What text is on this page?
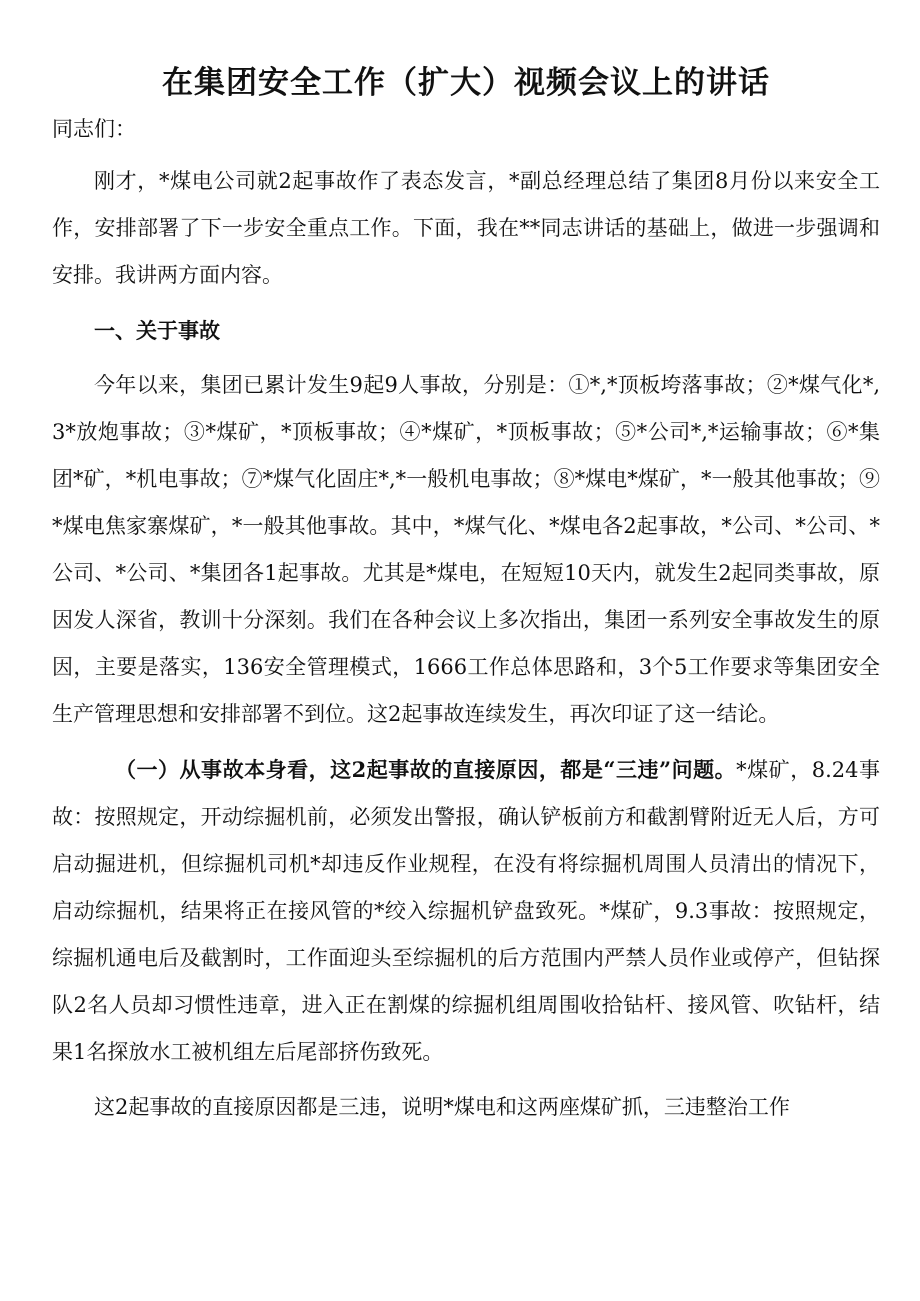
在集团安全工作（扩大）视频会议上的讲话
同志们：

刚才，*煤电公司就2起事故作了表态发言，*副总经理总结了集团8月份以来安全工作，安排部署了下一步安全重点工作。下面，我在**同志讲话的基础上，做进一步强调和安排。我讲两方面内容。

一、关于事故

今年以来，集团已累计发生9起9人事故，分别是：①*,*顶板垮落事故；②*煤气化*,3*放炮事故；③*煤矿，*顶板事故；④*煤矿，*顶板事故；⑤*公司*,*运输事故；⑥*集团*矿，*机电事故；⑦*煤气化固庄*,*一般机电事故；⑧*煤电*煤矿，*一般其他事故；⑨*煤电焦家寨煤矿，*一般其他事故。其中，*煤气化、*煤电各2起事故，*公司、*公司、*公司、*公司、*集团各1起事故。尤其是*煤电，在短短10天内，就发生2起同类事故，原因发人深省，教训十分深刻。我们在各种会议上多次指出，集团一系列安全事故发生的原因，主要是落实，136安全管理模式，1666工作总体思路和，3个5工作要求等集团安全生产管理思想和安排部署不到位。这2起事故连续发生，再次印证了这一结论。

（一）从事故本身看，这2起事故的直接原因，都是“三违”问题。*煤矿，8.24事故：按照规定，开动综掘机前，必须发出警报，确认铲板前方和截割臂附近无人后，方可启动掘进机，但综掘机司机*却违反作业规程，在没有将综掘机周围人员清出的情况下，启动综掘机，结果将正在接风管的*绞入综掘机铲盘致死。*煤矿，9.3事故：按照规定，综掘机通电后及截割时，工作面迎头至综掘机的后方范围内严禁人员作业或停产，但钻探队2名人员却习惯性违章，进入正在割煤的综掘机组周围收拾钻杆、接风管、吹钻杆，结果1名探放水工被机组左后尾部挤伤致死。

这2起事故的直接原因都是三违，说明*煤电和这两座煤矿抓，三违整治工作
